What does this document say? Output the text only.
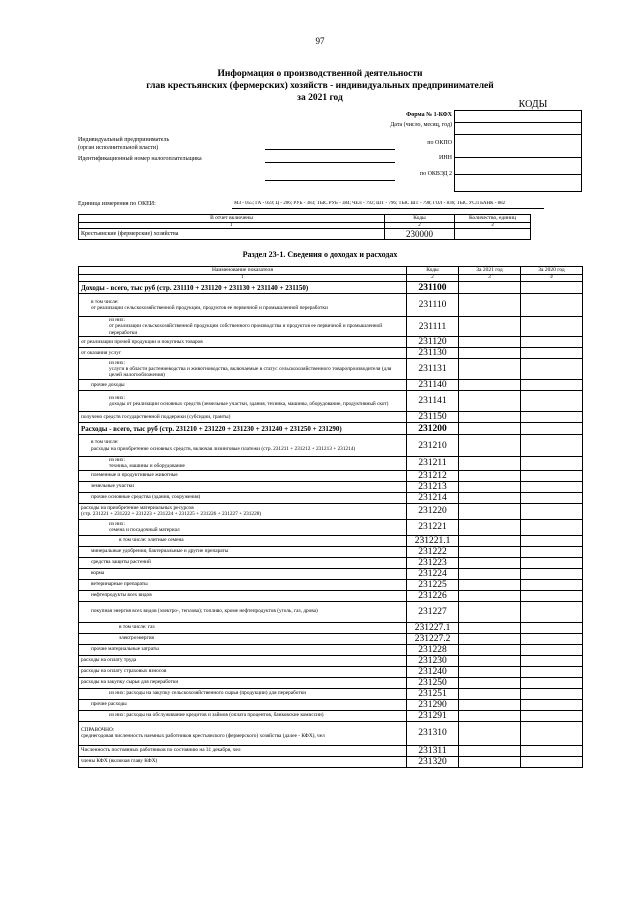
97
Информация о производственной деятельности
глав крестьянских (фермерских) хозяйств - индивидуальных предпринимателей
за 2021 год
КОДЫ

Форма № 1-КФХ
Дата (число, месяц, год)
Индивидуальный предприниматель
(орган исполнительной власти)
по ОКПО
Идентификационный номер налогоплательщика	ИНН
по ОКВЭД 2
Единица измерения по ОКЕИ:	МЗ - 055; ГА - 059; Ц - 206; РУБ - 383; ТЫС РУБ - 384; ЧЕЛ - 792; ШТ - 796; ТЫС ШТ - 798; ГОЛ - 836; ТЫС УСЛ БАНК - 882
В отчет включены	Коды	Количество, единиц
1	2	3
Крестьянские (фермерские) хозяйства	230000	
Раздел 23-1. Сведения о доходах и расходах
Наименование показателя	Коды	За 2021 год	За 2020 год
1	2	3	4

Доходы - всего, тыс руб (стр. 231110 + 231120 + 231130 + 231140 + 231150)	231100		

в том числе:
от реализации сельскохозяйственной продукции, продуктов ее первичной и промышленной переработки	231110		

из них:
от реализации сельскохозяйственной продукции собственного производства и продуктов ее первичной и промышленной переработки	231111		

от реализации прочей продукции и покупных товаров	231120		

от оказания услуг	231130		

из них:
услуги в области растениеводства и животноводства, включаемые в статус сельскохозяйственного товаропроизводителя (для целей налогообложения)	231131		

прочие доходы	231140		

из них:
доходы от реализации основных средств (земельные участки, здания, техника, машины, оборудование, продуктивный скот)	231141		

получено средств государственной поддержки (субсидии, гранты)	231150		

Расходы - всего, тыс руб (стр. 231210 + 231220 + 231230 + 231240 + 231250 + 231290)	231200		

в том числе:
расходы на приобретение основных средств, включая лизинговые платежи (стр. 231211 + 231212 + 231213 + 231214)	231210		

из них:
техника, машины и оборудование	231211		

племенные и продуктивные животные	231212		

земельные участки	231213		

прочие основные средства (здания, сооружения)	231214		

расходы на приобретение материальных ресурсов
(стр. 231221 + 231222 + 231223 + 231224 + 231225 + 231226 + 231227 + 231228)	231220		

из них:
семена и посадочный материал	231221		

в том числе: элитные семена	231221.1		

минеральные удобрения, бактериальные и другие препараты	231222		

средства защиты растений	231223		

корма	231224		

ветеринарные препараты	231225		

нефтепродукты всех видов	231226		

покупная энергия всех видов (электро-, теплова); топливо, кроме нефтепродуктов (уголь, газ, дрова)	231227		

в том числе: газ	231227.1		

электроэнергия	231227.2		

прочие материальные затраты	231228		

расходы на оплату труда	231230		

расходы на оплату страховых взносов	231240		

расходы на закупку сырья для переработки	231250		

из них: расходы на закупку сельскохозяйственного сырья (продукции) для переработки	231251		

прочие расходы	231290		

из них: расходы на обслуживание кредитов и займов (оплата процентов, банковские комиссии)	231291		

СПРАВОЧНО:
среднегодовая численность наемных работников крестьянского (фермерского) хозяйства (далее - КФХ), чел	231310		

Численность постоянных работников по состоянию на 31 декабря, чел	231311		

члены КФХ (включая главу КФХ)	231320		
